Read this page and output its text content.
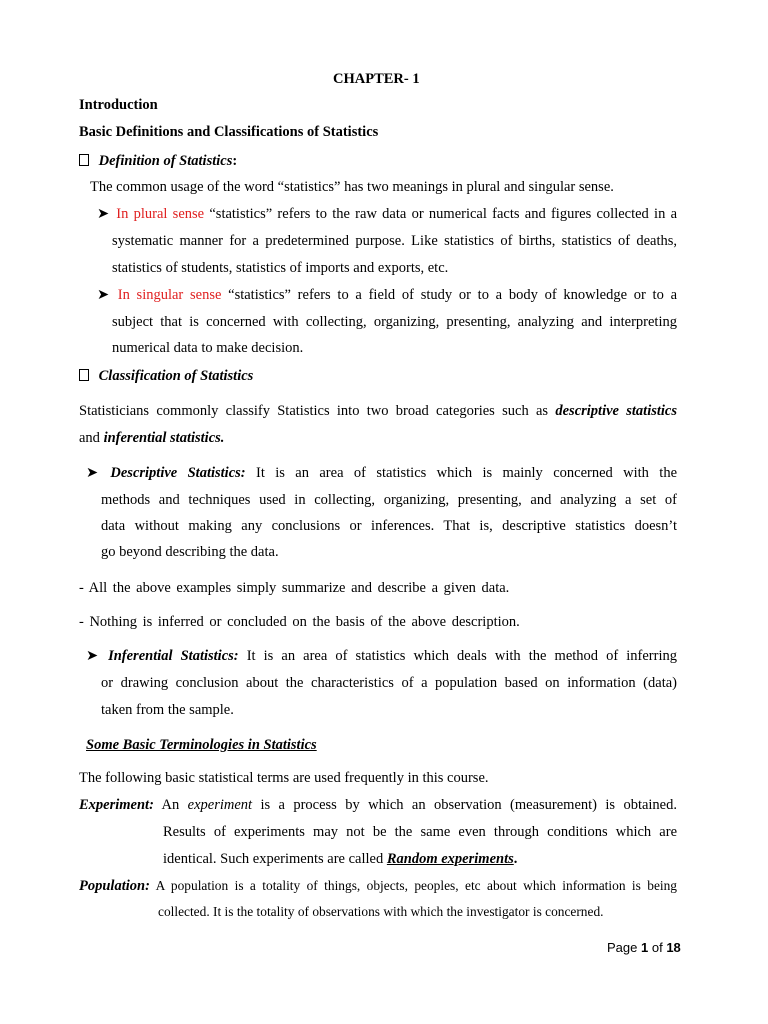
CHAPTER- 1
Introduction
Basic Definitions and Classifications of Statistics
Definition of Statistics:
The common usage of the word “statistics” has two meanings in plural and singular sense.
➤ In plural sense “statistics” refers to the raw data or numerical facts and figures collected in a
systematic manner for a predetermined purpose. Like statistics of births, statistics of deaths,
statistics of students, statistics of imports and exports, etc.
➤ In singular sense “statistics” refers to a field of study or to a body of knowledge or to a
subject that is concerned with collecting, organizing, presenting, analyzing and interpreting
numerical data to make decision.
Classification of Statistics
Statisticians commonly classify Statistics into two broad categories such as descriptive statistics
and inferential statistics.
➤ Descriptive Statistics: It is an area of statistics which is mainly concerned with the
methods and techniques used in collecting, organizing, presenting, and analyzing a set of
data without making any conclusions or inferences. That is, descriptive statistics doesn’t
go beyond describing the data.
- All the above examples simply summarize and describe a given data.
- Nothing is inferred or concluded on the basis of the above description.
➤ Inferential Statistics: It is an area of statistics which deals with the method of inferring
or drawing conclusion about the characteristics of a population based on information (data)
taken from the sample.
Some Basic Terminologies in Statistics
The following basic statistical terms are used frequently in this course.
Experiment: An experiment is a process by which an observation (measurement) is obtained.
Results of experiments may not be the same even through conditions which are
identical. Such experiments are called Random experiments.
Population: A population is a totality of things, objects, peoples, etc about which information is being
collected. It is the totality of observations with which the investigator is concerned.
Page 1 of 18
